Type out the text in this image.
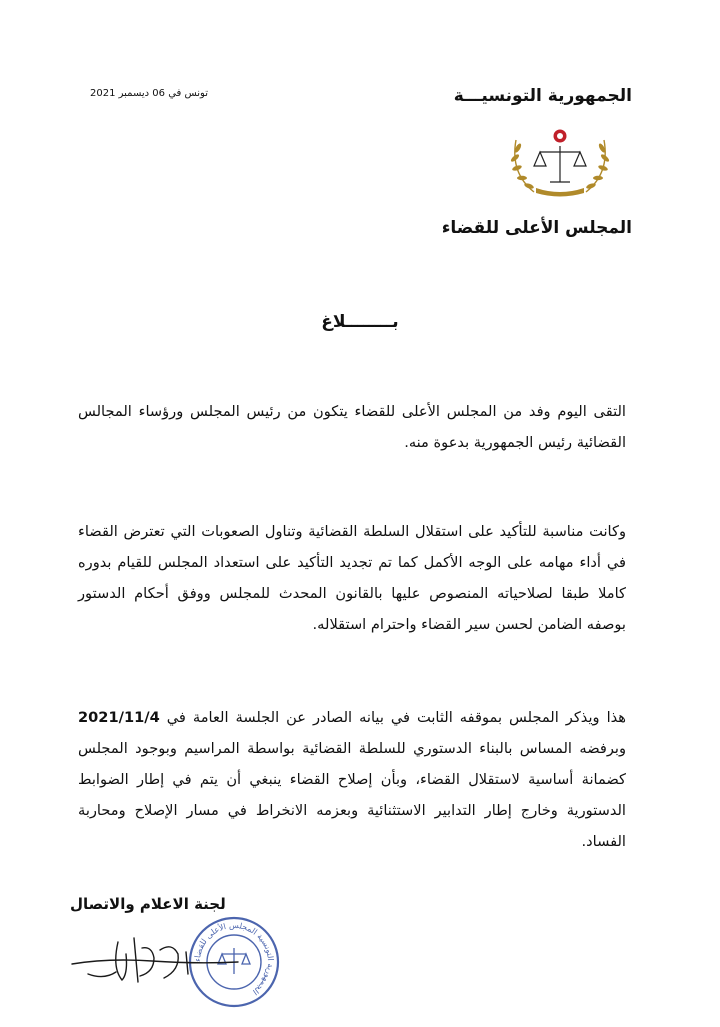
الجمهورية التونسيـــة
تونس في 06 ديسمبر 2021
المجلس الأعلى للقضاء
بــــــــلاغ
التقى اليوم وفد من المجلس الأعلى للقضاء يتكون من رئيس المجلس ورؤساء المجالس القضائية رئيس الجمهورية بدعوة منه.
وكانت مناسبة للتأكيد على استقلال السلطة القضائية وتناول الصعوبات التي تعترض القضاء في أداء مهامه على الوجه الأكمل كما تم تجديد التأكيد على استعداد المجلس للقيام بدوره كاملا طبقا لصلاحياته المنصوص عليها بالقانون المحدث للمجلس ووفق أحكام الدستور بوصفه الضامن لحسن سير القضاء واحترام استقلاله.
هذا ويذكر المجلس بموقفه الثابت في بيانه الصادر عن الجلسة العامة في 2021/11/4 وبرفضه المساس بالبناء الدستوري للسلطة القضائية بواسطة المراسيم وبوجود المجلس كضمانة أساسية لاستقلال القضاء، وبأن إصلاح القضاء ينبغي أن يتم في إطار الضوابط الدستورية وخارج إطار التدابير الاستثنائية وبعزمه الانخراط في مسار الإصلاح ومحاربة الفساد.
لجنة الاعلام والاتصال
الجمهورية التونسية المجلس الأعلى للقضاء
